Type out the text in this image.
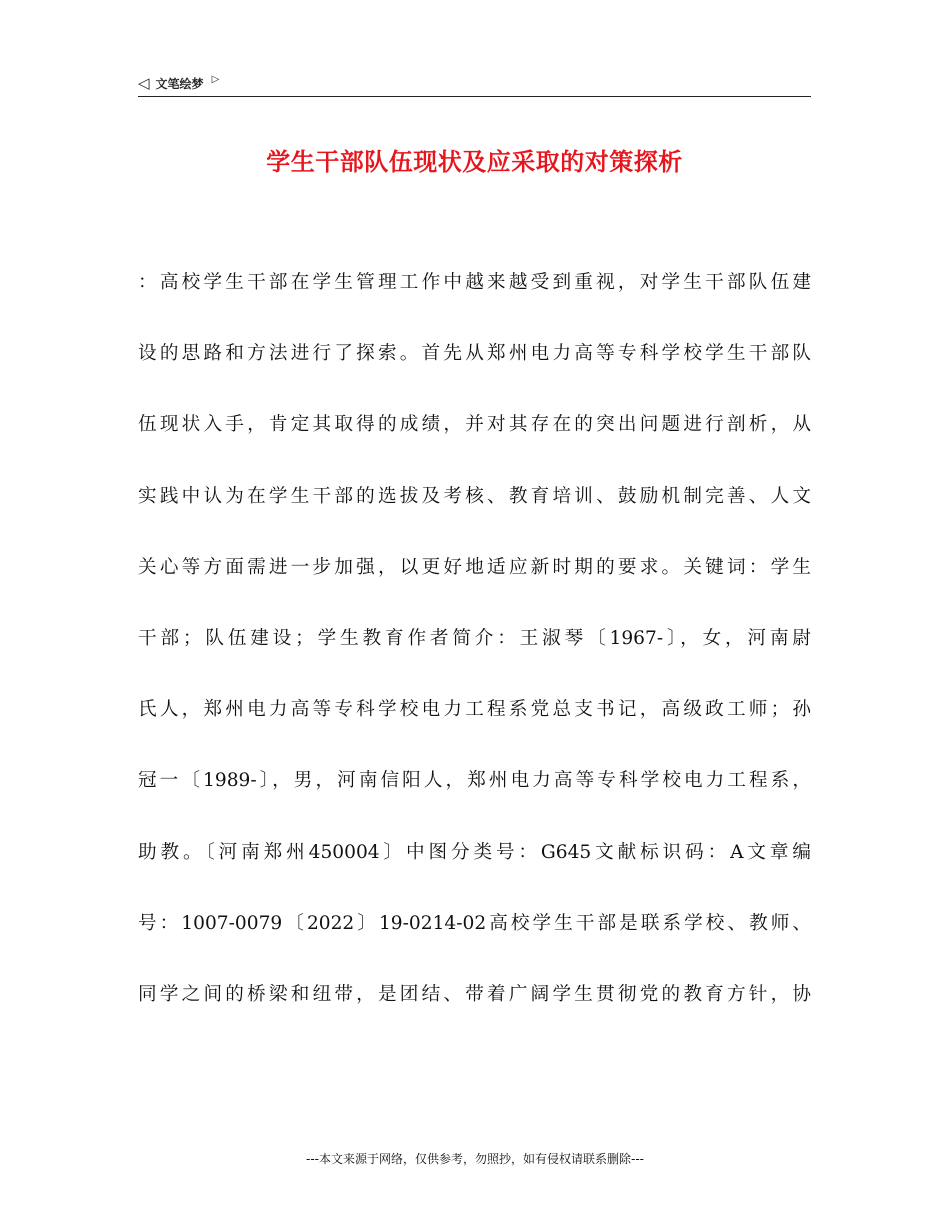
◁ 文笔绘梦 ▷
学生干部队伍现状及应采取的对策探析
：高校学生干部在学生管理工作中越来越受到重视，对学生干部队伍建
设的思路和方法进行了探索。首先从郑州电力高等专科学校学生干部队
伍现状入手，肯定其取得的成绩，并对其存在的突出问题进行剖析，从
实践中认为在学生干部的选拔及考核、教育培训、鼓励机制完善、人文
关心等方面需进一步加强，以更好地适应新时期的要求。关键词：学生
干部；队伍建设；学生教育作者简介：王淑琴〔1967-〕，女，河南尉
氏人，郑州电力高等专科学校电力工程系党总支书记，高级政工师；孙
冠一〔1989-〕，男，河南信阳人，郑州电力高等专科学校电力工程系，
助教。〔河南郑州450004〕中图分类号：G645文献标识码：A文章编
号：1007-0079〔2022〕19-0214-02高校学生干部是联系学校、教师、
同学之间的桥梁和纽带，是团结、带着广阔学生贯彻党的教育方针，协
---本文来源于网络，仅供参考，勿照抄，如有侵权请联系删除---
